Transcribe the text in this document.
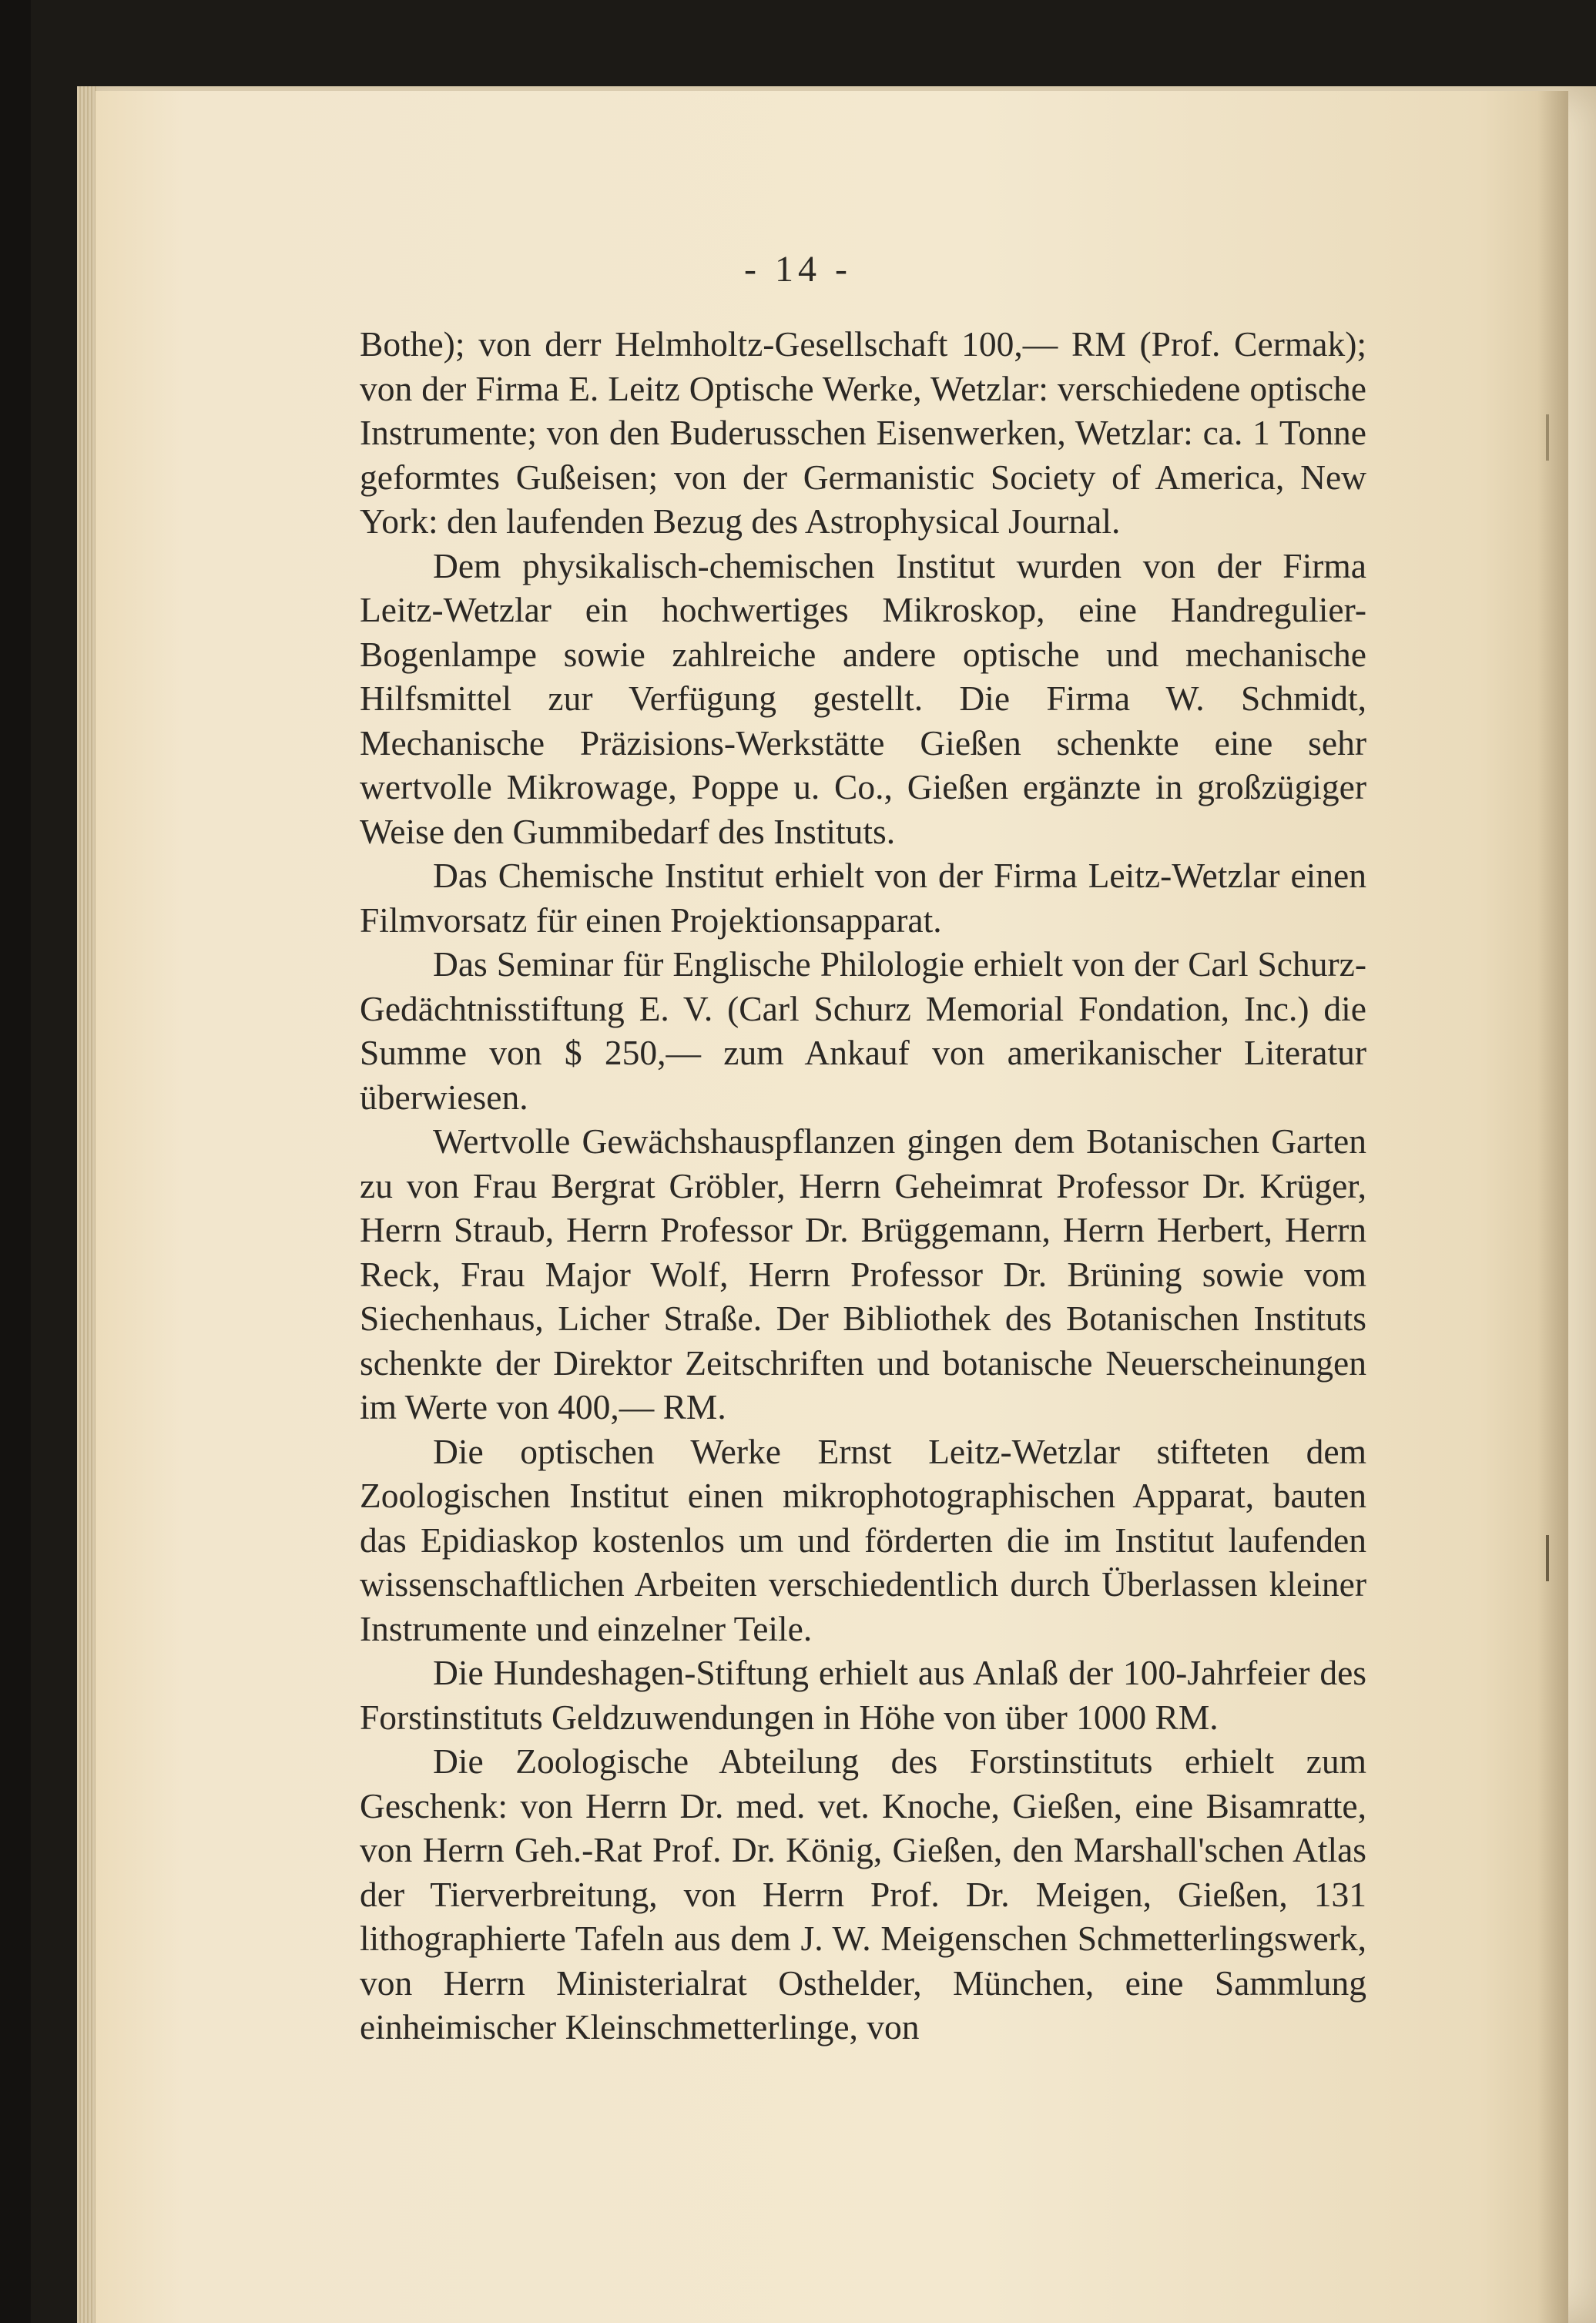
- 14 -

Bothe); von derr Helmholtz-Gesellschaft 100,— RM (Prof. Cermak); von der Firma E. Leitz Optische Werke, Wetzlar: verschiedene optische Instrumente; von den Buderusschen Eisenwerken, Wetzlar: ca. 1 Tonne geformtes Gußeisen; von der Germanistic Society of America, New York: den laufenden Bezug des Astrophysical Journal.

Dem physikalisch-chemischen Institut wurden von der Firma Leitz-Wetzlar ein hochwertiges Mikroskop, eine Handregulier-Bogenlampe sowie zahlreiche andere optische und mechanische Hilfsmittel zur Verfügung gestellt. Die Firma W. Schmidt, Mechanische Präzisions-Werkstätte Gießen schenkte eine sehr wertvolle Mikrowage, Poppe u. Co., Gießen ergänzte in großzügiger Weise den Gummibedarf des Instituts.

Das Chemische Institut erhielt von der Firma Leitz-Wetzlar einen Filmvorsatz für einen Projektionsapparat.

Das Seminar für Englische Philologie erhielt von der Carl Schurz-Gedächtnisstiftung E. V. (Carl Schurz Memorial Fondation, Inc.) die Summe von $ 250,— zum Ankauf von amerikanischer Literatur überwiesen.

Wertvolle Gewächshauspflanzen gingen dem Botanischen Garten zu von Frau Bergrat Gröbler, Herrn Geheimrat Professor Dr. Krüger, Herrn Straub, Herrn Professor Dr. Brüggemann, Herrn Herbert, Herrn Reck, Frau Major Wolf, Herrn Professor Dr. Brüning sowie vom Siechenhaus, Licher Straße. Der Bibliothek des Botanischen Instituts schenkte der Direktor Zeitschriften und botanische Neuerscheinungen im Werte von 400,— RM.

Die optischen Werke Ernst Leitz-Wetzlar stifteten dem Zoologischen Institut einen mikrophotographischen Apparat, bauten das Epidiaskop kostenlos um und förderten die im Institut laufenden wissenschaftlichen Arbeiten verschiedentlich durch Überlassen kleiner Instrumente und einzelner Teile.

Die Hundeshagen-Stiftung erhielt aus Anlaß der 100-Jahrfeier des Forstinstituts Geldzuwendungen in Höhe von über 1000 RM.

Die Zoologische Abteilung des Forstinstituts erhielt zum Geschenk: von Herrn Dr. med. vet. Knoche, Gießen, eine Bisamratte, von Herrn Geh.-Rat Prof. Dr. König, Gießen, den Marshall'schen Atlas der Tierverbreitung, von Herrn Prof. Dr. Meigen, Gießen, 131 lithographierte Tafeln aus dem J. W. Meigenschen Schmetterlingswerk, von Herrn Ministerialrat Osthelder, München, eine Sammlung einheimischer Kleinschmetterlinge, von
